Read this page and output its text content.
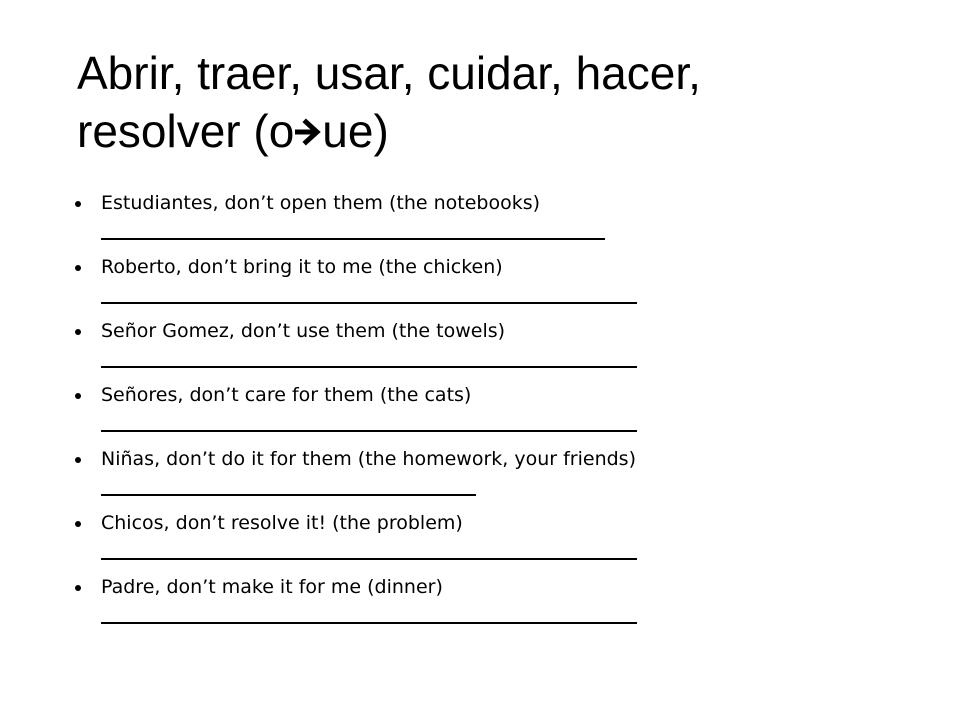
Abrir, traer, usar, cuidar, hacer,
resolver (o ue)
Estudiantes, don’t open them (the notebooks)
Roberto, don’t bring it to me (the chicken)
Señor Gomez, don’t use them (the towels)
Señores, don’t care for them (the cats)
Niñas, don’t do it for them (the homework, your friends)
Chicos, don’t resolve it! (the problem)
Padre, don’t make it for me (dinner)
